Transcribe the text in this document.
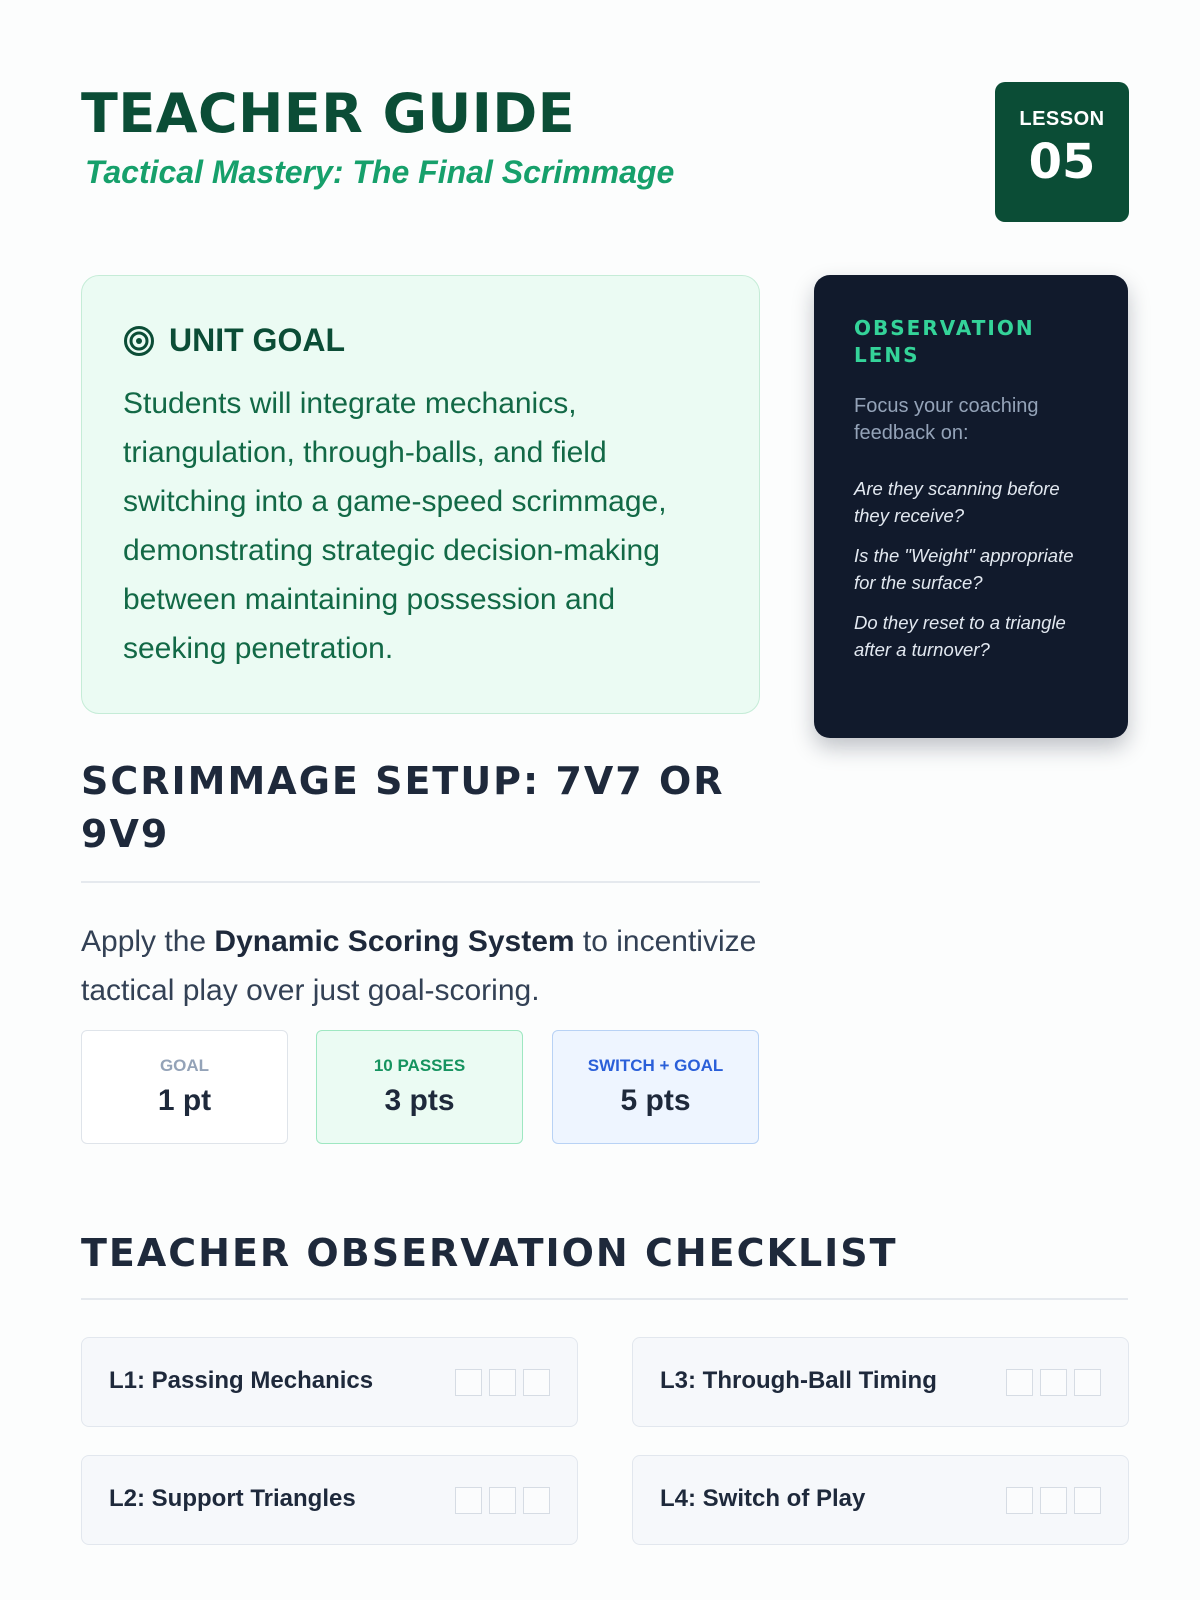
TEACHER GUIDE
Tactical Mastery: The Final Scrimmage
LESSON
05
UNIT GOAL
Students will integrate mechanics, triangulation, through-balls, and field switching into a game-speed scrimmage, demonstrating strategic decision-making between maintaining possession and seeking penetration.
OBSERVATION LENS
Focus your coaching feedback on:
Are they scanning before they receive?
Is the "Weight" appropriate for the surface?
Do they reset to a triangle after a turnover?
SCRIMMAGE SETUP: 7V7 OR 9V9
Apply the Dynamic Scoring System to incentivize tactical play over just goal-scoring.
GOAL
1 pt
10 PASSES
3 pts
SWITCH + GOAL
5 pts
TEACHER OBSERVATION CHECKLIST
L1: Passing Mechanics
L2: Support Triangles
L3: Through-Ball Timing
L4: Switch of Play
